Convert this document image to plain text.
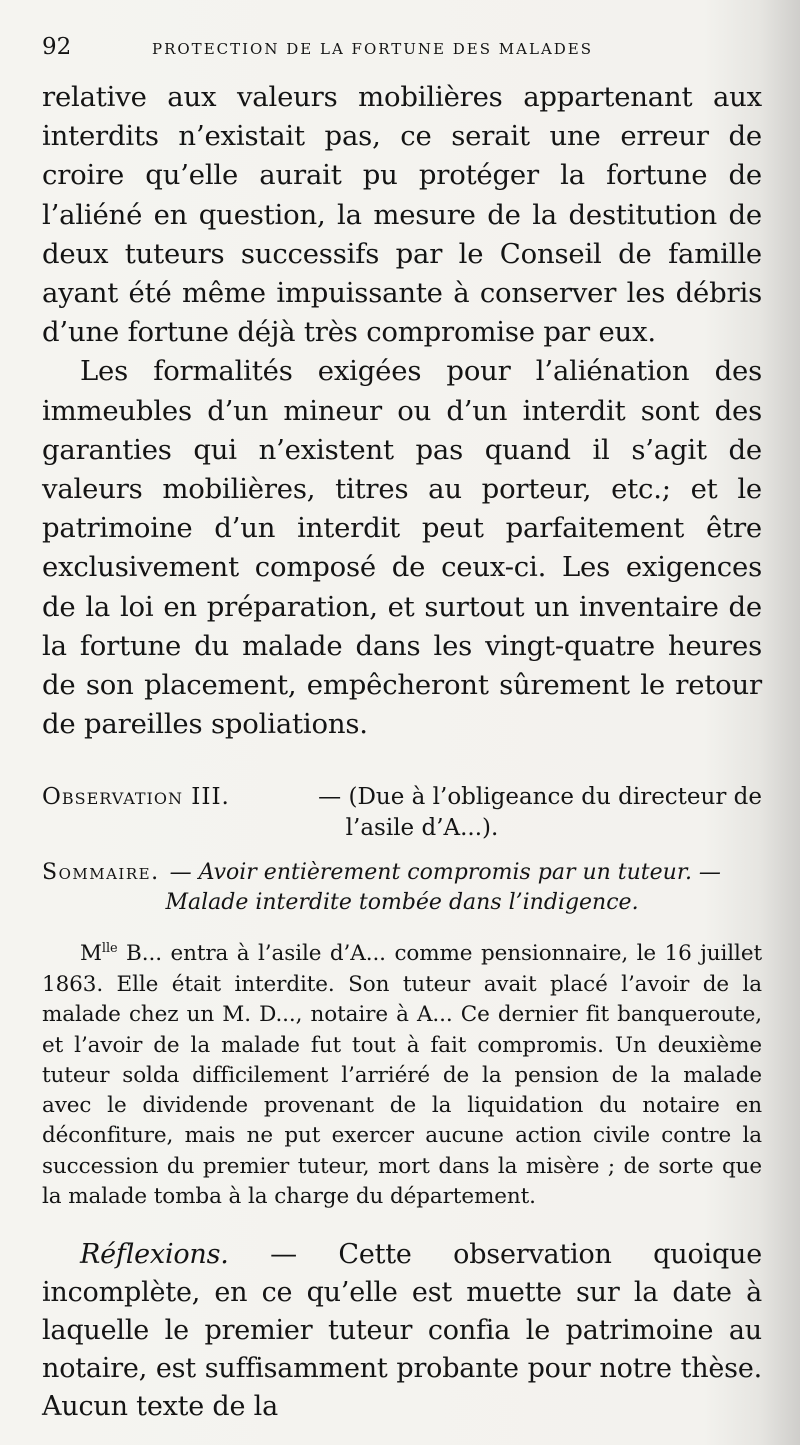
92	PROTECTION DE LA FORTUNE DES MALADES

relative aux valeurs mobilières appartenant aux interdits n’existait pas, ce serait une erreur de croire qu’elle aurait pu protéger la fortune de l’aliéné en question, la mesure de la destitution de deux tuteurs successifs par le Conseil de famille ayant été même impuissante à conserver les débris d’une fortune déjà très compromise par eux.

Les formalités exigées pour l’aliénation des immeubles d’un mineur ou d’un interdit sont des garanties qui n’existent pas quand il s’agit de valeurs mobilières, titres au porteur, etc.; et le patrimoine d’un interdit peut parfaitement être exclusivement composé de ceux-ci. Les exigences de la loi en préparation, et surtout un inventaire de la fortune du malade dans les vingt-quatre heures de son placement, empêcheront sûrement le retour de pareilles spoliations.

Observation III.	— (Due à l’obligeance du directeur de
l’asile d’A...).
Sommaire. — Avoir entièrement compromis par un tuteur. —
Malade interdite tombée dans l’indigence.

$M^{lle}$ B... entra à l’asile d’A... comme pensionnaire, le 16 juillet 1863. Elle était interdite. Son tuteur avait placé l’avoir de la malade chez un M. D..., notaire à A... Ce dernier fit banqueroute, et l’avoir de la malade fut tout à fait compromis. Un deuxième tuteur solda difficilement l’arriéré de la pension de la malade avec le dividende provenant de la liquidation du notaire en déconfiture, mais ne put exercer aucune action civile contre la succession du premier tuteur, mort dans la misère ; de sorte que la malade tomba à la charge du département.

Réflexions. — Cette observation quoique incomplète, en ce qu’elle est muette sur la date à laquelle le premier tuteur confia le patrimoine au notaire, est suffisamment probante pour notre thèse. Aucun texte de la
